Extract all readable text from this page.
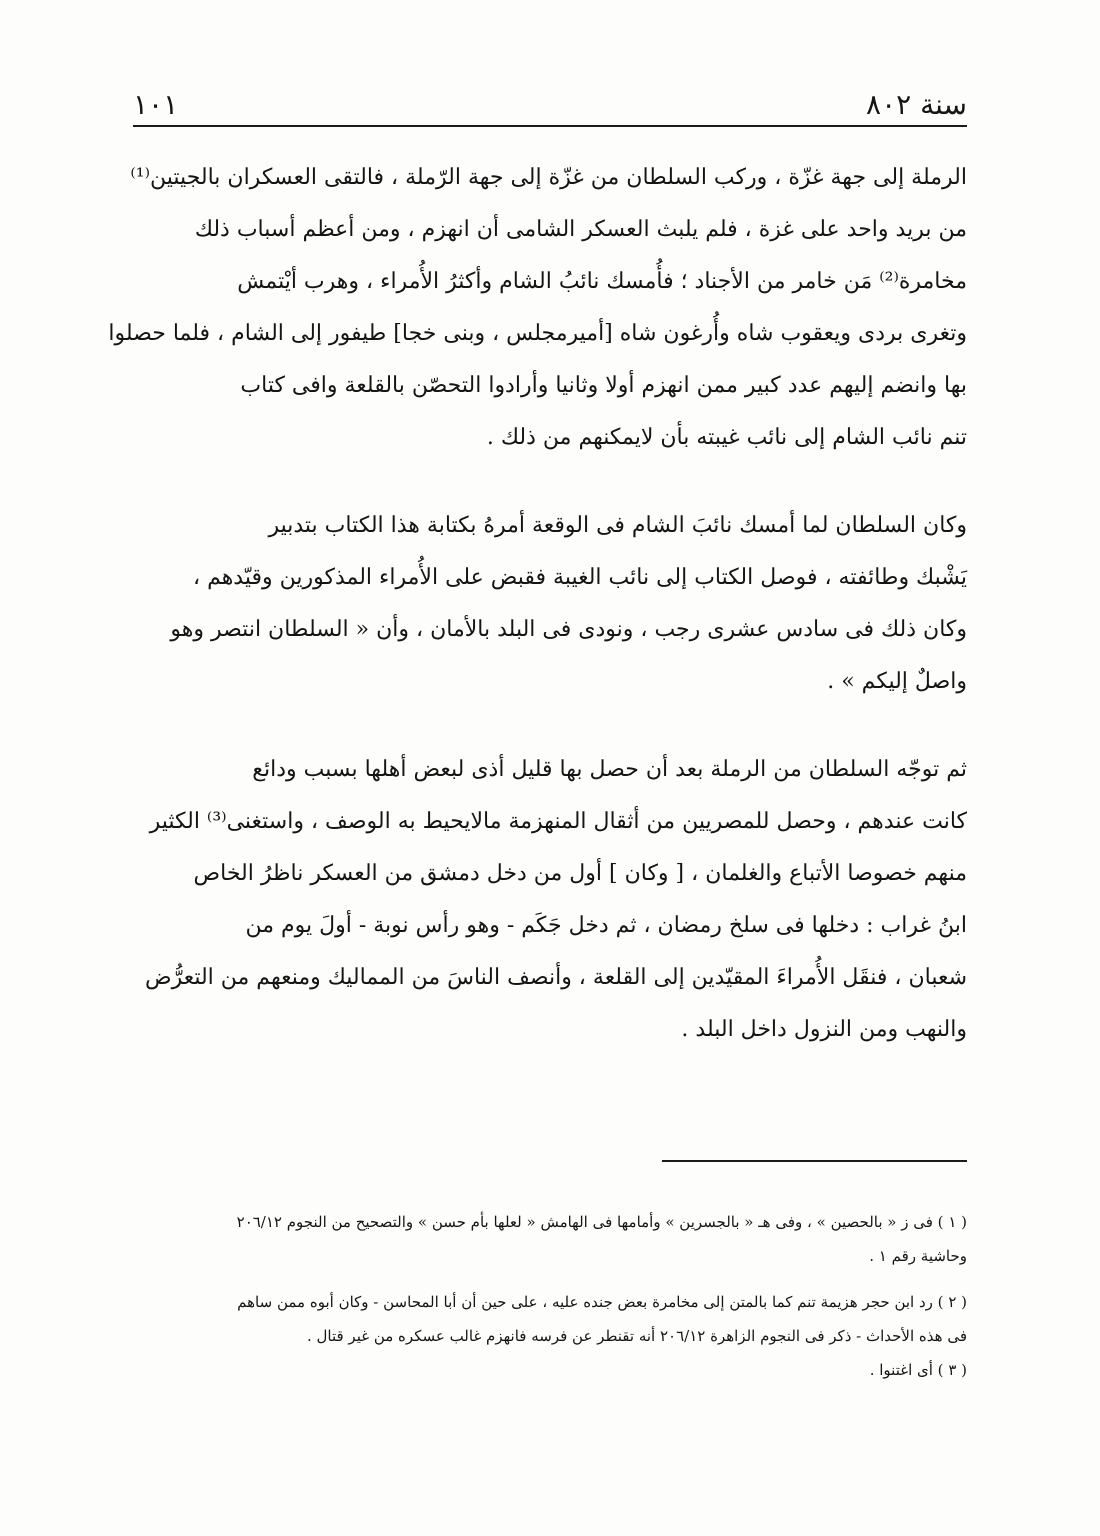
سنة ٨٠٢
١٠١

الرملة إلى جهة غزّة ، وركب السلطان من غزّة إلى جهة الرّملة ، فالتقى العسكران بالجيتين⁽¹⁾

من بريد واحد على غزة ، فلم يلبث العسكر الشامى أن انهزم ، ومن أعظم أسباب ذلك

مخامرة⁽²⁾ مَن خامر من الأجناد ؛ فأُمسك نائبُ الشام وأكثرُ الأُمراء ، وهرب أيْتمش

وتغرى بردى ويعقوب شاه وأُرغون شاه [أميرمجلس ، وبنى خجا] طيفور إلى الشام ، فلما حصلوا

بها وانضم إليهم عدد كبير ممن انهزم أولا وثانيا وأرادوا التحصّن بالقلعة وافى كتاب

تنم نائب الشام إلى نائب غيبته بأن لايمكنهم من ذلك .

وكان السلطان لما أمسك نائبَ الشام فى الوقعة أمرهُ بكتابة هذا الكتاب بتدبير

يَشْبك وطائفته ، فوصل الكتاب إلى نائب الغيبة فقبض على الأُمراء المذكورين وقيّدهم ،

وكان ذلك فى سادس عشرى رجب ، ونودى فى البلد بالأمان ، وأن « السلطان انتصر وهو

واصلٌ إليكم » .

ثم توجّه السلطان من الرملة بعد أن حصل بها قليل أذى لبعض أهلها بسبب ودائع

كانت عندهم ، وحصل للمصريين من أثقال المنهزمة مالايحيط به الوصف ، واستغنى⁽³⁾ الكثير

منهم خصوصا الأتباع والغلمان ، [ وكان ] أول من دخل دمشق من العسكر ناظرُ الخاص

ابنُ غراب : دخلها فى سلخ رمضان ، ثم دخل جَكَم - وهو رأس نوبة - أولَ يوم من

شعبان ، فنقَل الأُمراءَ المقيّدين إلى القلعة ، وأنصف الناسَ من المماليك ومنعهم من التعرُّض

والنهب ومن النزول داخل البلد .

( ١ ) فى ز « بالحصين » ، وفى هـ « بالجسرين » وأمامها فى الهامش « لعلها بأم حسن » والتصحيح من النجوم ٢٠٦/١٢

وحاشية رقم ١ .

( ٢ ) رد ابن حجر هزيمة تنم كما بالمتن إلى مخامرة بعض جنده عليه ، على حين أن أبا المحاسن - وكان أبوه ممن ساهم

فى هذه الأحداث - ذكر فى النجوم الزاهرة ٢٠٦/١٢ أنه تقنطر عن فرسه فانهزم غالب عسكره من غير قتال .

( ٣ ) أى اغتنوا .
